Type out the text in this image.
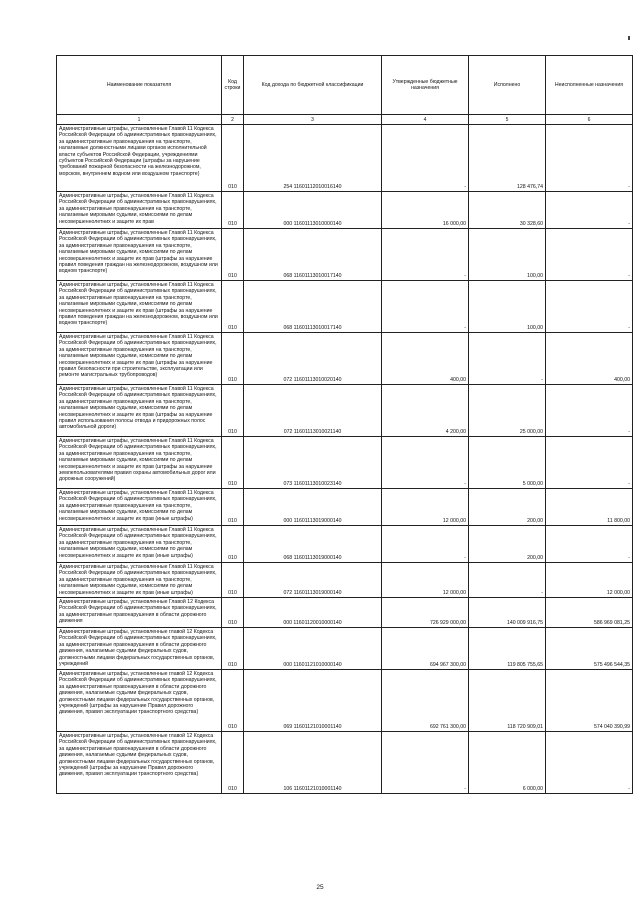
Наименование показателя	Код строки	Код дохода по бюджетной классификации	Утвержденные бюджетные назначения	Исполнено	Неисполненные назначения
1	2	3	4	5	6
Административные штрафы, установленные Главой 11 Кодекса Российской Федерации об административных правонарушениях, за административные правонарушения на транспорте, налагаемые должностными лицами органов исполнительной власти субъектов Российской Федерации, учреждениями субъектов Российской Федерации (штрафы за нарушение требований пожарной безопасности на железнодорожном, морском, внутреннем водном или воздушном транспорте)	010	254 11601112010016140	-	128 476,74	-
Административные штрафы, установленные Главой 11 Кодекса Российской Федерации об административных правонарушениях, за административные правонарушения на транспорте, налагаемые мировыми судьями, комиссиями по делам несовершеннолетних и защите их прав	010	000 11601113010000140	16 000,00	30 328,60	-
Административные штрафы, установленные Главой 11 Кодекса Российской Федерации об административных правонарушениях, за административные правонарушения на транспорте, налагаемые мировыми судьями, комиссиями по делам несовершеннолетних и защите их прав (штрафы за нарушение правил поведения граждан на железнодорожном, воздушном или водном транспорте)	010	068 11601113010017140	-	100,00	-
Административные штрафы, установленные Главой 11 Кодекса Российской Федерации об административных правонарушениях, за административные правонарушения на транспорте, налагаемые мировыми судьями, комиссиями по делам несовершеннолетних и защите их прав (штрафы за нарушение правил поведения граждан на железнодорожном, воздушном или водном транспорте)	010	068 11601113010017140	-	100,00	-
Административные штрафы, установленные Главой 11 Кодекса Российской Федерации об административных правонарушениях, за административные правонарушения на транспорте, налагаемые мировыми судьями, комиссиями по делам несовершеннолетних и защите их прав (штрафы за нарушение правил безопасности при строительстве, эксплуатации или ремонте магистральных трубопроводов)	010	072 11601113010020140	400,00	-	400,00
Административные штрафы, установленные Главой 11 Кодекса Российской Федерации об административных правонарушениях, за административные правонарушения на транспорте, налагаемые мировыми судьями, комиссиями по делам несовершеннолетних и защите их прав (штрафы за нарушение правил использования полосы отвода и придорожных полос автомобильной дороги)	010	072 11601113010021140	4 200,00	25 000,00	-
Административные штрафы, установленные Главой 11 Кодекса Российской Федерации об административных правонарушениях, за административные правонарушения на транспорте, налагаемые мировыми судьями, комиссиями по делам несовершеннолетних и защите их прав (штрафы за нарушение землепользователями правил охраны автомобильных дорог или дорожных сооружений)	010	073 11601113010023140	-	5 000,00	-
Административные штрафы, установленные Главой 11 Кодекса Российской Федерации об административных правонарушениях, за административные правонарушения на транспорте, налагаемые мировыми судьями, комиссиями по делам несовершеннолетних и защите их прав (иные штрафы)	010	000 11601113019000140	12 000,00	200,00	11 800,00
Административные штрафы, установленные Главой 11 Кодекса Российской Федерации об административных правонарушениях, за административные правонарушения на транспорте, налагаемые мировыми судьями, комиссиями по делам несовершеннолетних и защите их прав (иные штрафы)	010	068 11601113019000140	-	200,00	-
Административные штрафы, установленные Главой 11 Кодекса Российской Федерации об административных правонарушениях, за административные правонарушения на транспорте, налагаемые мировыми судьями, комиссиями по делам несовершеннолетних и защите их прав (иные штрафы)	010	072 11601113019000140	12 000,00	-	12 000,00
Административные штрафы, установленные Главой 12 Кодекса Российской Федерации об административных правонарушениях, за административные правонарушения в области дорожного движения	010	000 11601120010000140	726 929 000,00	140 009 916,75	586 969 081,25
Административные штрафы, установленные главой 12 Кодекса Российской Федерации об административных правонарушениях, за административные правонарушения в области дорожного движения, налагаемые судьями федеральных судов, должностными лицами федеральных государственных органов, учреждений	010	000 11601121010000140	694 967 300,00	119 805 755,65	575 496 544,35
Административные штрафы, установленные главой 12 Кодекса Российской Федерации об административных правонарушениях, за административные правонарушения в области дорожного движения, налагаемые судьями федеральных судов, должностными лицами федеральных государственных органов, учреждений (штрафы за нарушение Правил дорожного движения, правил эксплуатации транспортного средства)	010	069 11601121010001140	692 761 300,00	118 720 909,01	574 040 390,99
Административные штрафы, установленные главой 12 Кодекса Российской Федерации об административных правонарушениях, за административные правонарушения в области дорожного движения, налагаемые судьями федеральных судов, должностными лицами федеральных государственных органов, учреждений (штрафы за нарушение Правил дорожного движения, правил эксплуатации транспортного средства)	010	106 11601121010001140	-	6 000,00	-
25
